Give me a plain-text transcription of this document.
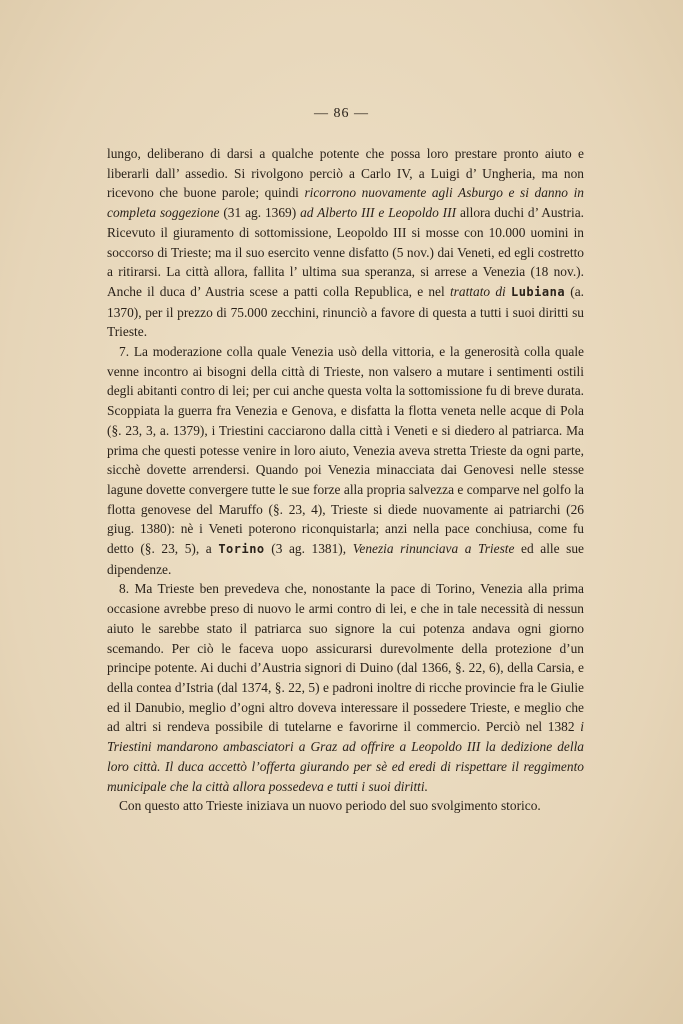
— 86 —

lungo, deliberano di darsi a qualche potente che possa loro prestare pronto aiuto e liberarli dall’ assedio. Si rivolgono perciò a Carlo IV, a Luigi d’ Ungheria, ma non ricevono che buone parole; quindi ricorrono nuovamente agli Asburgo e si danno in completa soggezione (31 ag. 1369) ad Alberto III e Leopoldo III allora duchi d’ Austria. Ricevuto il giuramento di sottomissione, Leopoldo III si mosse con 10.000 uomini in soccorso di Trieste; ma il suo esercito venne disfatto (5 nov.) dai Veneti, ed egli costretto a ritirarsi. La città allora, fallita l’ ultima sua speranza, si arrese a Venezia (18 nov.). Anche il duca d’ Austria scese a patti colla Republica, e nel trattato di Lubiana (a. 1370), per il prezzo di 75.000 zecchini, rinunciò a favore di questa a tutti i suoi diritti su Trieste.

7. La moderazione colla quale Venezia usò della vittoria, e la generosità colla quale venne incontro ai bisogni della città di Trieste, non valsero a mutare i sentimenti ostili degli abitanti contro di lei; per cui anche questa volta la sottomissione fu di breve durata. Scoppiata la guerra fra Venezia e Genova, e disfatta la flotta veneta nelle acque di Pola (§. 23, 3, a. 1379), i Triestini cacciarono dalla città i Veneti e si diedero al patriarca. Ma prima che questi potesse venire in loro aiuto, Venezia aveva stretta Trieste da ogni parte, sicchè dovette arrendersi. Quando poi Venezia minacciata dai Genovesi nelle stesse lagune dovette convergere tutte le sue forze alla propria salvezza e comparve nel golfo la flotta genovese del Maruffo (§. 23, 4), Trieste si diede nuovamente ai patriarchi (26 giug. 1380): nè i Veneti poterono riconquistarla; anzi nella pace conchiusa, come fu detto (§. 23, 5), a Torino (3 ag. 1381), Venezia rinunciava a Trieste ed alle sue dipendenze.

8. Ma Trieste ben prevedeva che, nonostante la pace di Torino, Venezia alla prima occasione avrebbe preso di nuovo le armi contro di lei, e che in tale necessità di nessun aiuto le sarebbe stato il patriarca suo signore la cui potenza andava ogni giorno scemando. Per ciò le faceva uopo assicurarsi durevolmente della protezione d’un principe potente. Ai duchi d’Austria signori di Duino (dal 1366, §. 22, 6), della Carsia, e della contea d’Istria (dal 1374, §. 22, 5) e padroni inoltre di ricche provincie fra le Giulie ed il Danubio, meglio d’ogni altro doveva interessare il possedere Trieste, e meglio che ad altri si rendeva possibile di tutelarne e favorirne il commercio. Perciò nel 1382 i Triestini mandarono ambasciatori a Graz ad offrire a Leopoldo III la dedizione della loro città. Il duca accettò l’offerta giurando per sè ed eredi di rispettare il reggimento municipale che la città allora possedeva e tutti i suoi diritti.

Con questo atto Trieste iniziava un nuovo periodo del suo svolgimento storico.
